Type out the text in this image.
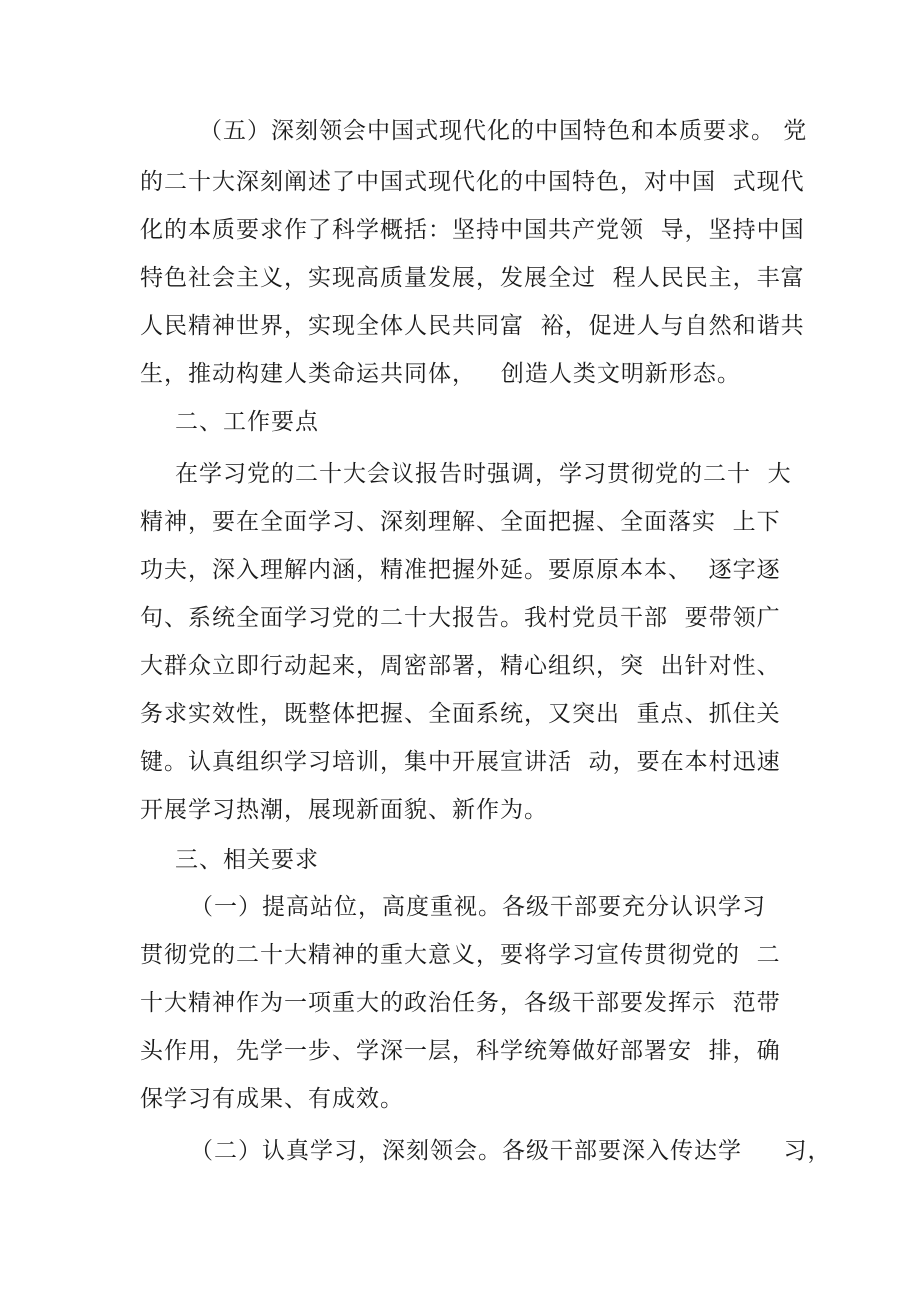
（五）深刻领会中国式现代化的中国特色和本质要求。 党
的二十大深刻阐述了中国式现代化的中国特色，对中国  式现代
化的本质要求作了科学概括：坚持中国共产党领  导，坚持中国
特色社会主义，实现高质量发展，发展全过  程人民民主，丰富
人民精神世界，实现全体人民共同富  裕，促进人与自然和谐共
生，推动构建人类命运共同体，   创造人类文明新形态。
二、工作要点
在学习党的二十大会议报告时强调，学习贯彻党的二十  大
精神，要在全面学习、深刻理解、全面把握、全面落实  上下
功夫，深入理解内涵，精准把握外延。要原原本本、  逐字逐
句、系统全面学习党的二十大报告。我村党员干部  要带领广
大群众立即行动起来，周密部署，精心组织，突  出针对性、
务求实效性，既整体把握、全面系统，又突出  重点、抓住关
键。认真组织学习培训，集中开展宣讲活  动，要在本村迅速
开展学习热潮，展现新面貌、新作为。
三、相关要求
（一）提高站位，高度重视。各级干部要充分认识学习
贯彻党的二十大精神的重大意义，要将学习宣传贯彻党的  二
十大精神作为一项重大的政治任务，各级干部要发挥示  范带
头作用，先学一步、学深一层，科学统筹做好部署安  排，确
保学习有成果、有成效。
（二）认真学习，深刻领会。各级干部要深入传达学     习，
